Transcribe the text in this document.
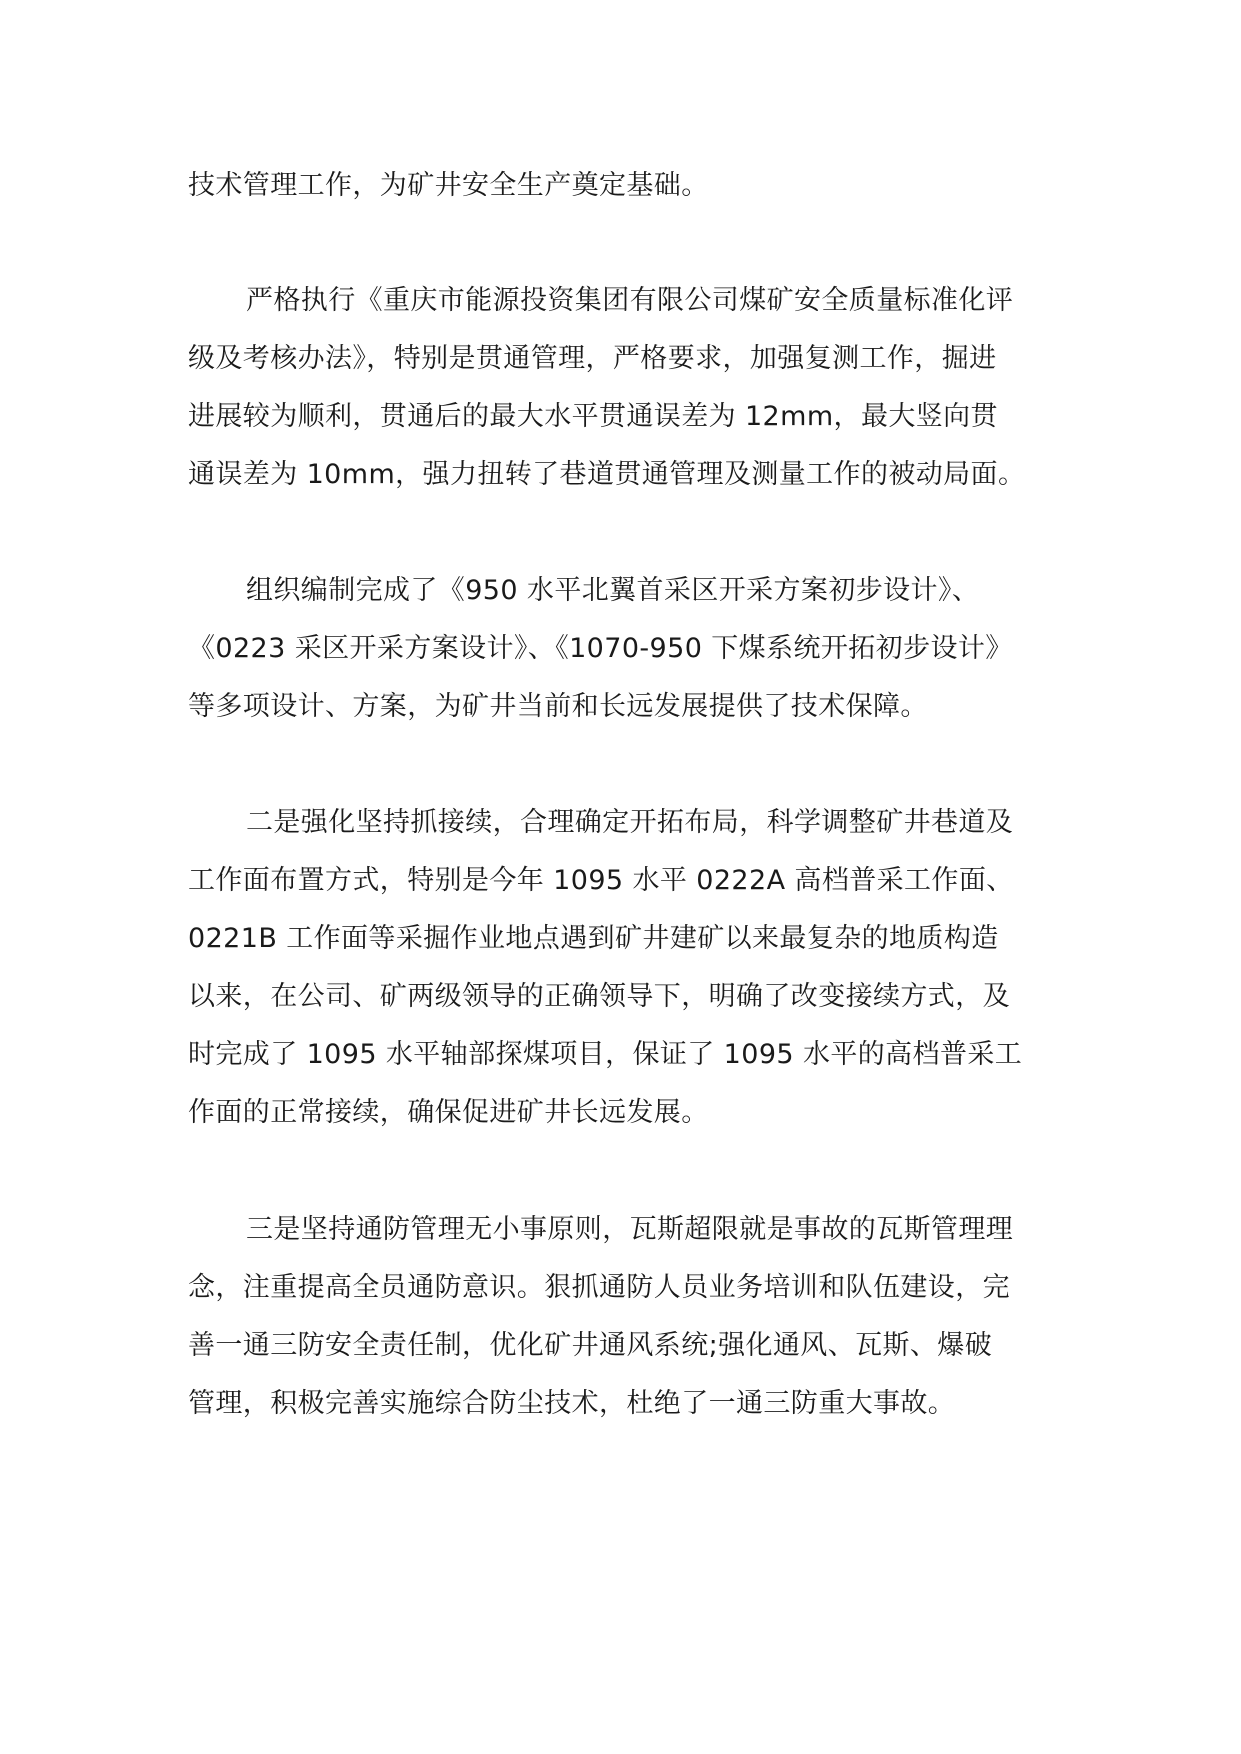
技术管理工作，为矿井安全生产奠定基础。
严格执行《重庆市能源投资集团有限公司煤矿安全质量标准化评
级及考核办法》，特别是贯通管理，严格要求，加强复测工作，掘进
进展较为顺利，贯通后的最大水平贯通误差为 12mm，最大竖向贯
通误差为 10mm，强力扭转了巷道贯通管理及测量工作的被动局面。
组织编制完成了《950 水平北翼首采区开采方案初步设计》、
《0223 采区开采方案设计》、《1070-950 下煤系统开拓初步设计》
等多项设计、方案，为矿井当前和长远发展提供了技术保障。
二是强化坚持抓接续，合理确定开拓布局，科学调整矿井巷道及
工作面布置方式，特别是今年 1095 水平 0222A 高档普采工作面、
0221B 工作面等采掘作业地点遇到矿井建矿以来最复杂的地质构造
以来，在公司、矿两级领导的正确领导下，明确了改变接续方式，及
时完成了 1095 水平轴部探煤项目，保证了 1095 水平的高档普采工
作面的正常接续，确保促进矿井长远发展。
三是坚持通防管理无小事原则，瓦斯超限就是事故的瓦斯管理理
念，注重提高全员通防意识。狠抓通防人员业务培训和队伍建设，完
善一通三防安全责任制，优化矿井通风系统;强化通风、瓦斯、爆破
管理，积极完善实施综合防尘技术，杜绝了一通三防重大事故。
